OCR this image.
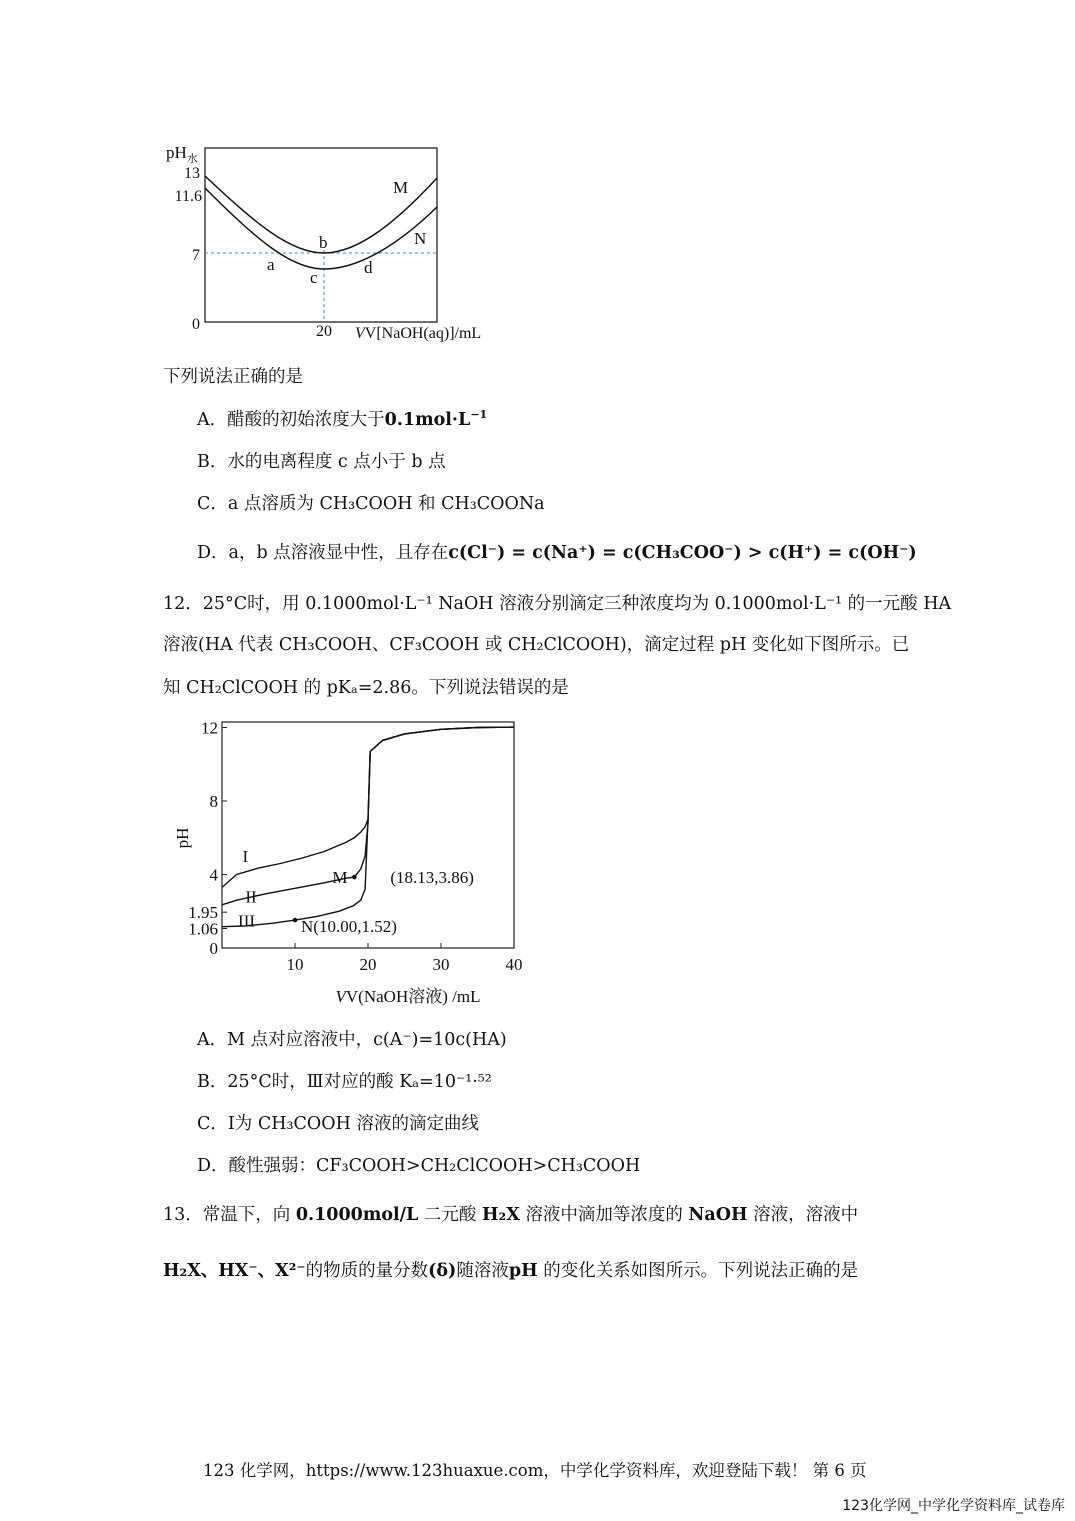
$pH_水$
13
11.6
7
0
M
N
a
b
c
d
20 VV[NaOH(aq)]/mL
下列说法正确的是
A．醋酸的初始浓度大于$0.1mol\cdot L^{-1}$
B．水的电离程度 c 点小于 b 点
C．a 点溶质为 CH₃COOH 和 CH₃COONa
D．a，b 点溶液显中性，且存在c(Cl⁻) = c(Na⁺) = c(CH₃COO⁻) > c(H⁺) = c(OH⁻)
12．25°C时，用 0.1000mol·L⁻¹ NaOH 溶液分别滴定三种浓度均为 0.1000mol·L⁻¹ 的一元酸 HA
溶液(HA 代表 CH₃COOH、CF₃COOH 或 CH₂ClCOOH)，滴定过程 pH 变化如下图所示。已
知 CH₂ClCOOH 的 pKₐ=2.86。下列说法错误的是
10	20	30	40
12
8
4
1.95
1.06
0
I
II
III
M	(18.13,3.86)
N(10.00,1.52)
pH
VV(NaOH溶液) /mL
A．M 点对应溶液中，c(A⁻)=10c(HA)
B．25°C时，Ⅲ对应的酸 Kₐ=10⁻¹·⁵²
C．Ⅰ为 CH₃COOH 溶液的滴定曲线
D．酸性强弱：CF₃COOH>CH₂ClCOOH>CH₃COOH
13．常温下，向 0.1000mol/L 二元酸 H₂X 溶液中滴加等浓度的 NaOH 溶液，溶液中
H₂X、HX⁻、X²⁻的物质的量分数(δ)随溶液pH 的变化关系如图所示。下列说法正确的是
123 化学网，https://www.123huaxue.com，中学化学资料库，欢迎登陆下载！ 第 6 页
123化学网_中学化学资料库_试卷库
